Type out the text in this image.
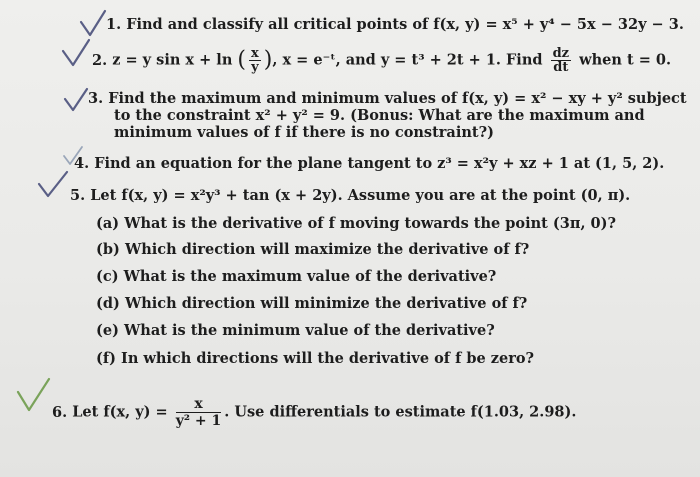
1. Find and classify all critical points of f(x, y) = x⁵ + y⁴ − 5x − 32y − 3.
2. z = y sin x + ln ( $\frac{x}{y}$ ), x = e⁻ᵗ, and y = t³ + 2t + 1. Find $\frac{dz}{dt}$ when t = 0.
3. Find the maximum and minimum values of f(x, y) = x² − xy + y² subject
to the constraint x² + y² = 9. (Bonus: What are the maximum and
minimum values of f if there is no constraint?)
4. Find an equation for the plane tangent to z³ = x²y + xz + 1 at (1, 5, 2).
5. Let f(x, y) = x²y³ + tan (x + 2y). Assume you are at the point (0, π).
(a) What is the derivative of f moving towards the point (3π, 0)?
(b) Which direction will maximize the derivative of f?
(c) What is the maximum value of the derivative?
(d) Which direction will minimize the derivative of f?
(e) What is the minimum value of the derivative?
(f) In which directions will the derivative of f be zero?
6. Let f(x, $y) = \frac{x}{\text{y² + 1}}$ . Use differentials to estimate f(1.03, 2.98).
